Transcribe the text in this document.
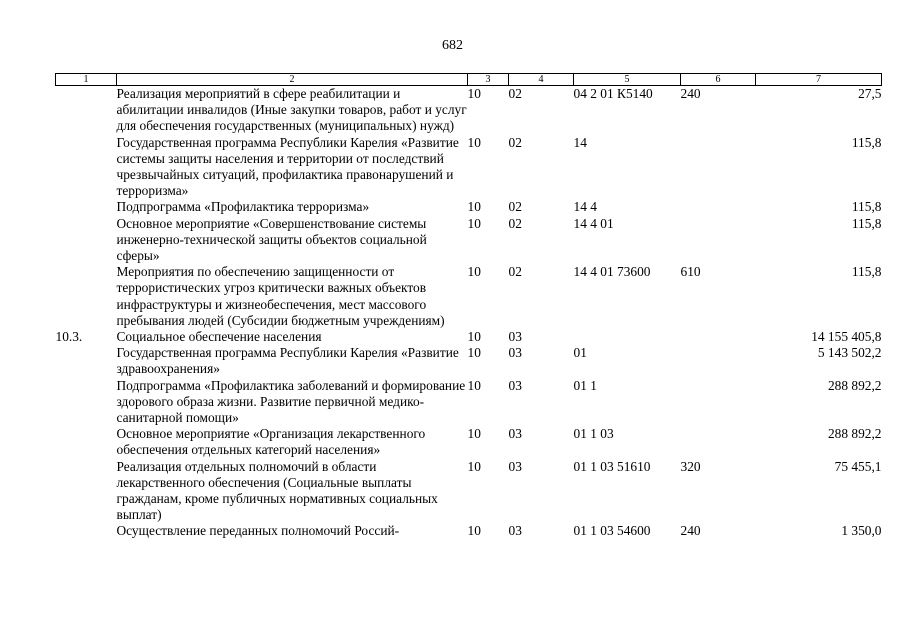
682
1	2	3	4	5	6	7
	Реализация мероприятий в сфере реабилитации и абилитации инвалидов (Иные закупки товаров, работ и услуг для обеспечения государственных (муниципальных) нужд)	10	02	04 2 01 К5140	240	27,5
	Государственная программа Республики Карелия «Развитие системы защиты населения и территории от последствий чрезвычайных ситуаций, профилактика правонарушений и терроризма»	10	02	14		115,8
	Подпрограмма «Профилактика терроризма»	10	02	14 4		115,8
	Основное мероприятие «Совершенствование системы инженерно-технической защиты объектов социальной сферы»	10	02	14 4 01		115,8
	Мероприятия по обеспечению защищенности от террористических угроз критически важных объектов инфраструктуры и жизнеобеспечения, мест массового пребывания людей (Субсидии бюджетным учреждениям)	10	02	14 4 01 73600	610	115,8
10.3.	Социальное обеспечение населения	10	03			14 155 405,8
	Государственная программа Республики Карелия «Развитие здравоохранения»	10	03	01		5 143 502,2
	Подпрограмма «Профилактика заболеваний и формирование здорового образа жизни. Развитие первичной медико-санитарной помощи»	10	03	01 1		288 892,2
	Основное мероприятие «Организация лекарственного обеспечения отдельных категорий населения»	10	03	01 1 03		288 892,2
	Реализация отдельных полномочий в области лекарственного обеспечения (Социальные выплаты гражданам, кроме публичных нормативных социальных выплат)	10	03	01 1 03 51610	320	75 455,1
	Осуществление переданных полномочий Россий-	10	03	01 1 03 54600	240	1 350,0
